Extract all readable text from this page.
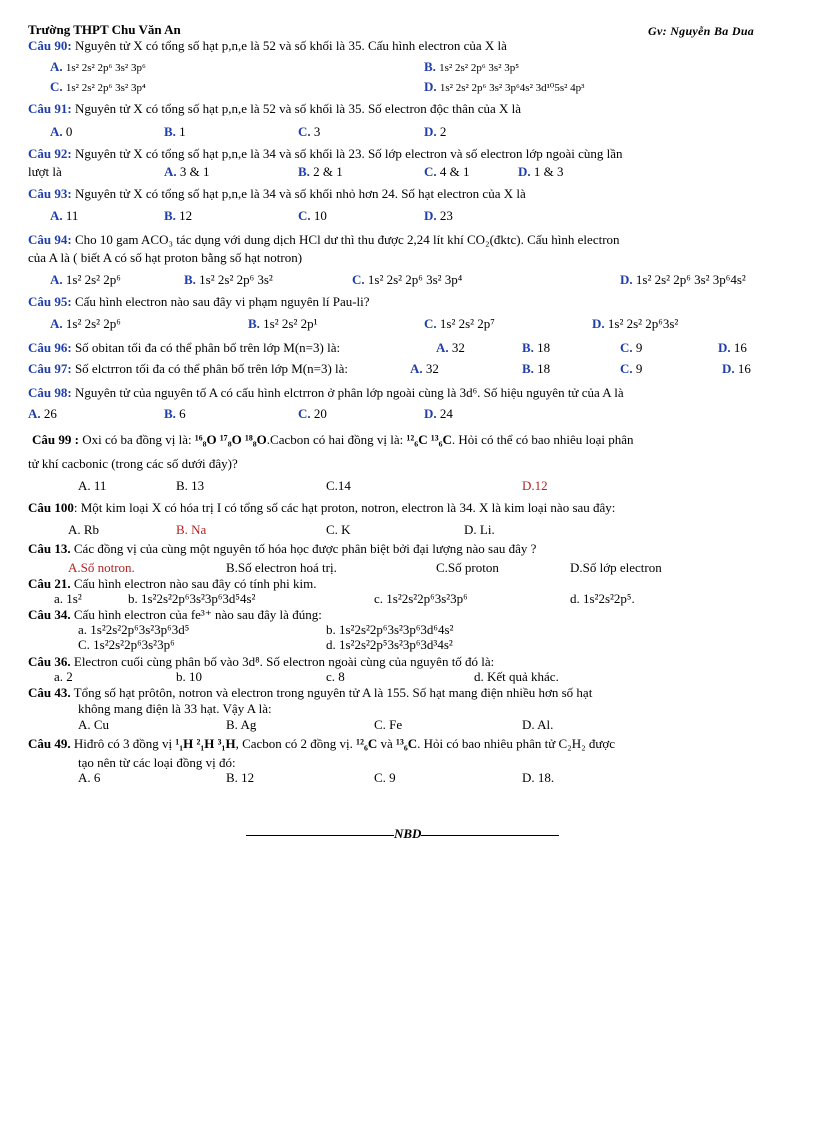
Trường THPT Chu Văn An	Gv: Nguyễn Ba Dua
Câu 90: Nguyên tử X có tổng số hạt p,n,e là 52 và số khối là 35. Cấu hình electron của X là
A. 1s² 2s² 2p⁶ 3s² 3p⁶	B. 1s² 2s² 2p⁶ 3s² 3p⁵
C. 1s² 2s² 2p⁶ 3s² 3p⁴	D. 1s² 2s² 2p⁶ 3s² 3p⁶4s² 3d¹⁰5s² 4p³
Câu 91: Nguyên tử X có tổng số hạt p,n,e là 52 và số khối là 35. Số electron độc thân của X là
A. 0	B. 1	C. 3	D. 2
Câu 92: Nguyên tử X có tổng số hạt p,n,e là 34 và số khối là 23. Số lớp electron và số electron lớp ngoài cùng lần
lượt là	A. 3 & 1	B. 2 & 1	C. 4 & 1	D. 1 & 3
Câu 93: Nguyên tử X có tổng số hạt p,n,e là 34 và số khối nhỏ hơn 24. Số hạt electron của X là
A. 11	B. 12	C. 10	D. 23
Câu 94: Cho 10 gam ACO₃ tác dụng với dung dịch HCl dư thì thu được 2,24 lít khí CO₂(đktc). Cấu hình electron
của A là ( biết A có số hạt proton bằng số hạt notron)
A. 1s² 2s² 2p⁶	B. 1s² 2s² 2p⁶ 3s²	C. 1s² 2s² 2p⁶ 3s² 3p⁴	D. 1s² 2s² 2p⁶ 3s² 3p⁶4s²
Câu 95: Cấu hình electron nào sau đây vi phạm nguyên lí Pau-li?
A. 1s² 2s² 2p⁶	B. 1s² 2s² 2p¹	C. 1s² 2s² 2p⁷	D. 1s² 2s² 2p⁶3s²
Câu 96: Số obitan tối đa có thể phân bố trên lớp M(n=3) là:	A. 32	B. 18	C. 9	D. 16
Câu 97: Số elctrron tối đa có thể phân bố trên lớp M(n=3) là:	A. 32	B. 18	C. 9	D. 16
Câu 98: Nguyên tử của nguyên tố A có cấu hình elctrron ở phân lớp ngoài cùng là 3d⁶. Số hiệu nguyên tử của A là
A. 26	B. 6	C. 20	D. 24
Câu 99 : Oxi có ba đồng vị là: ¹⁶₈O ¹⁷₈O ¹⁸₈O.Cacbon có hai đồng vị là: ¹²₆C ¹³₆C. Hỏi có thể có bao nhiêu loại phân
tử khí cacbonic (trong các số dưới đây)?
A. 11	B. 13	C.14	D.12
Câu 100: Một kim loại X có hóa trị I có tổng số các hạt proton, notron, electron là 34. X là kim loại nào sau đây:
A. Rb	B. Na	C. K	D. Li.
Câu 13. Các đồng vị của cùng một nguyên tố hóa học được phân biệt bởi đại lượng nào sau đây ?
A.Số notron.	B.Số electron hoá trị.	C.Số proton	D.Số lớp electron
Câu 21. Cấu hình electron nào sau đây có tính phi kim.
a. 1s²	b. 1s²2s²2p⁶3s²3p⁶3d⁵4s²	c. 1s²2s²2p⁶3s²3p⁶	d. 1s²2s²2p⁵.
Câu 34. Cấu hình electron của fe³⁺ nào sau đây là đúng:
a. 1s²2s²2p⁶3s²3p⁶3d⁵	b. 1s²2s²2p⁶3s²3p⁶3d⁶4s²
C. 1s²2s²2p⁶3s²3p⁶	d. 1s²2s²2p⁵3s²3p⁶3d³4s²
Câu 36. Electron cuối cùng phân bố vào 3d⁸. Số electron ngoài cùng của nguyên tố đó là:
a. 2	b. 10	c. 8	d. Kết quả khác.
Câu 43. Tổng số hạt prôtôn, notron và electron trong nguyên tử A là 155. Số hạt mang điện nhiều hơn số hạt
không mang điện là 33 hạt. Vậy A là:
A. Cu	B. Ag	C. Fe	D. Al.
Câu 49. Hiđrô có 3 đồng vị ¹₁H ²₁H ³₁H, Cacbon có 2 đồng vị. ¹²₆C và ¹³₆C. Hỏi có bao nhiêu phân tử C₂H₂ được
tạo nên từ các loại đồng vị đó:
A. 6	B. 12	C. 9	D. 18.
NBD
